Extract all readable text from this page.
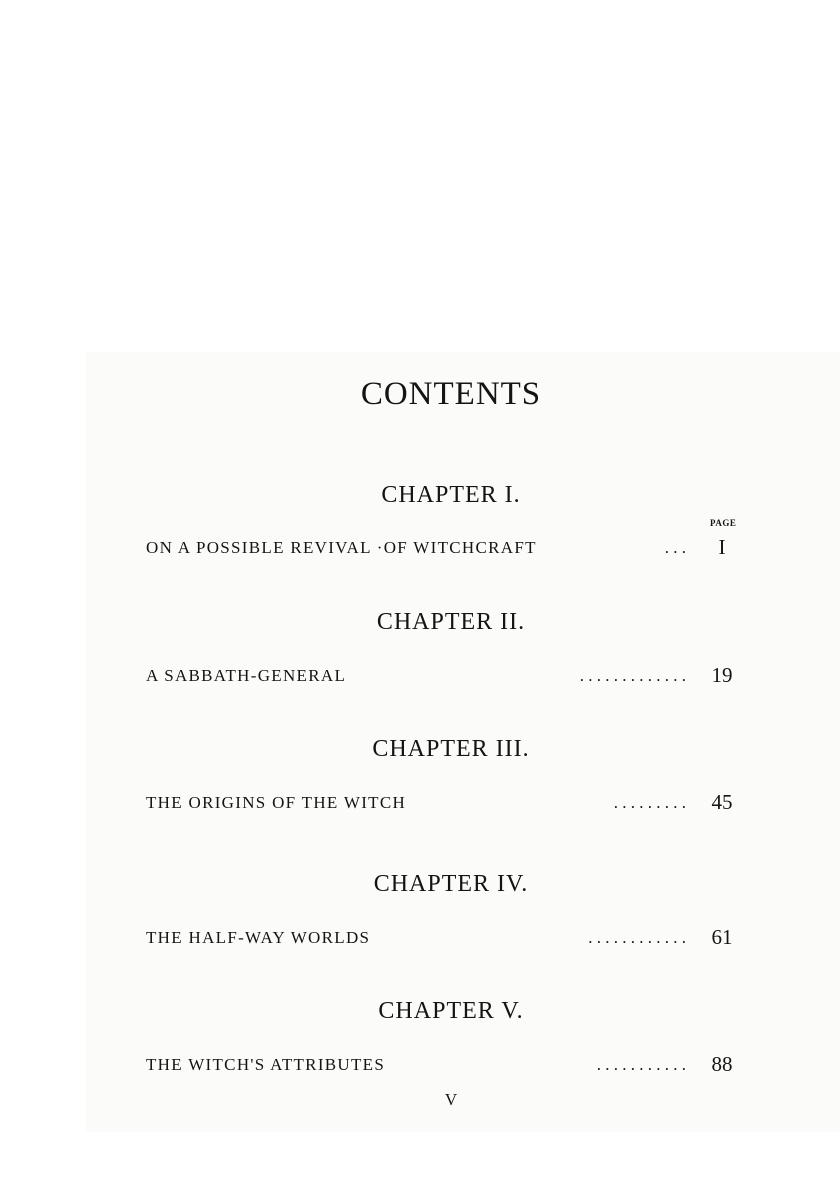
CONTENTS
CHAPTER I.
PAGE
ON A POSSIBLE REVIVAL ·OF WITCHCRAFT	. . .	I
CHAPTER II.
A SABBATH-GENERAL	. . . . . . . . . . . . .	19
CHAPTER III.
THE ORIGINS OF THE WITCH	. . . . . . . . .	45
CHAPTER IV.
THE HALF-WAY WORLDS	. . . . . . . . . . . .	61
CHAPTER V.
THE WITCH'S ATTRIBUTES	. . . . . . . . . . .	88
V
